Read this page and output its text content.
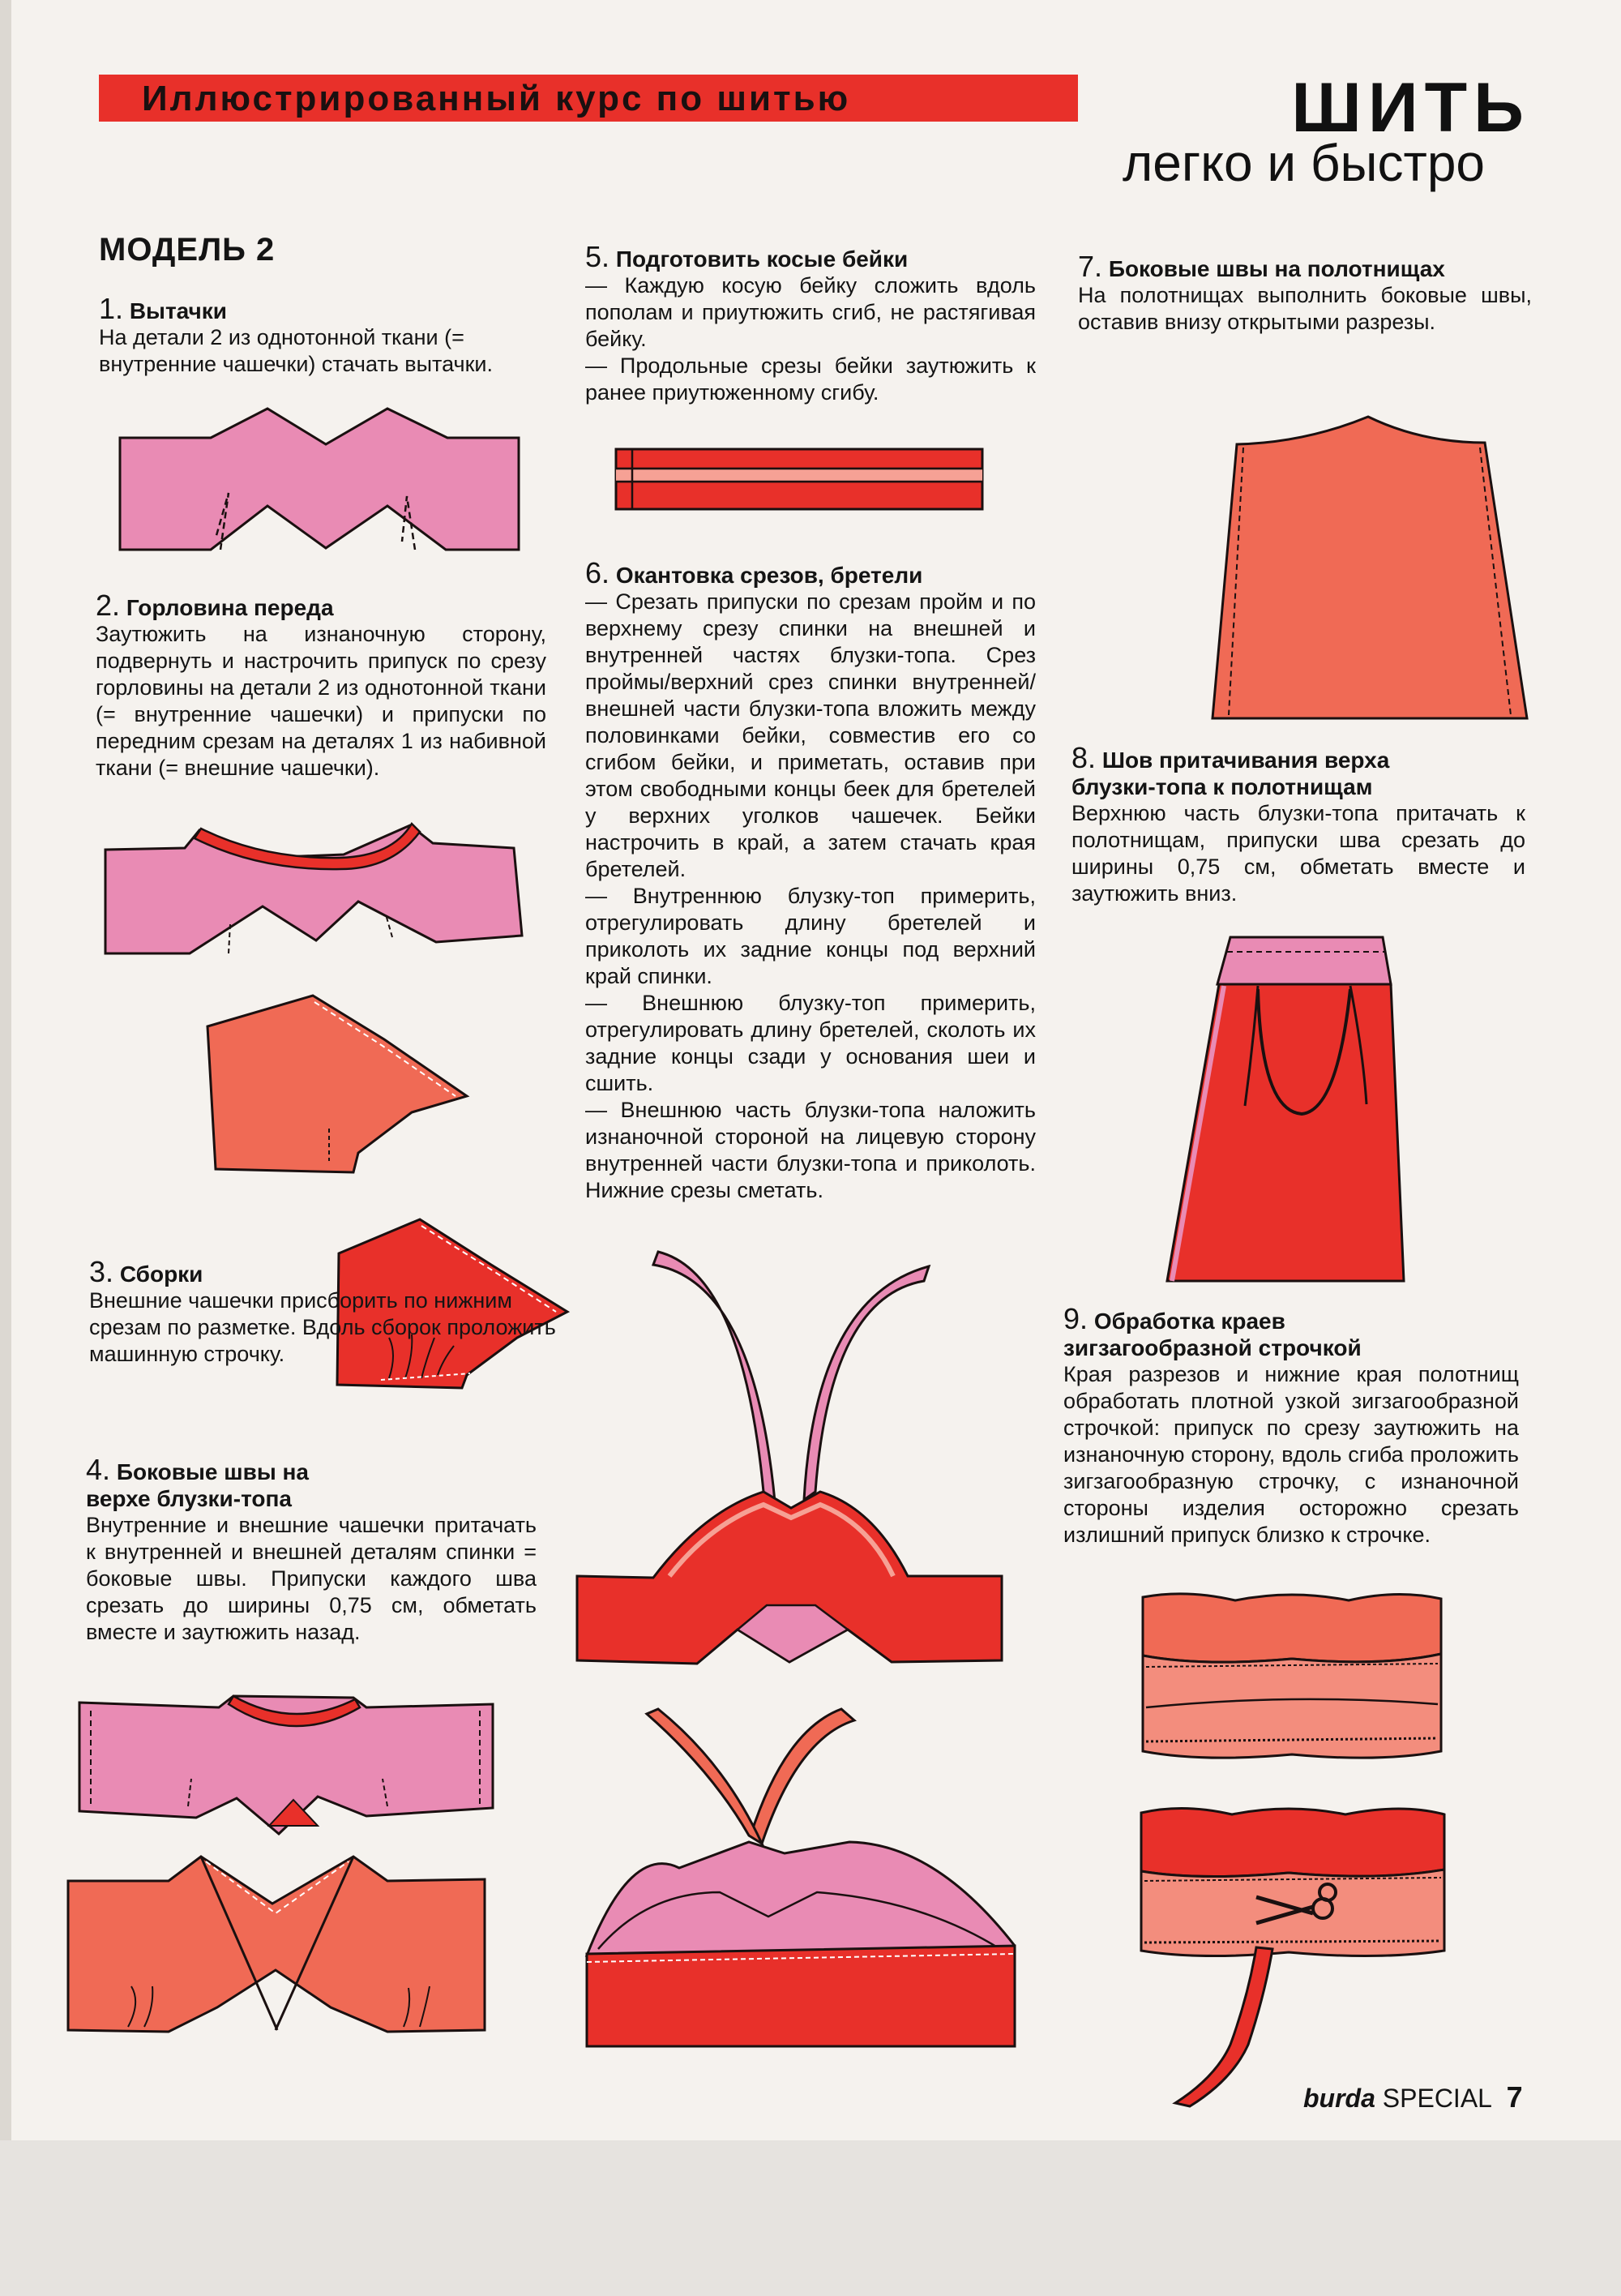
Иллюстрированный курс по шитью	ШИТЬ
легко и быстро
МОДЕЛЬ 2
1. Вытачки

На детали 2 из однотонной ткани (= внутренние чашечки) стачать вытачки.

2. Горловина переда

Заутюжить на изнаночную сторону, подвернуть и настрочить припуск по срезу горловины на детали 2 из однотонной ткани (= внутренние чашечки) и припуски по передним срезам на деталях 1 из набивной ткани (= внешние чашечки).

3. Сборки

Внешние чашечки присборить по нижним срезам по разметке. Вдоль сборок проложить машинную строчку.

4. Боковые швы на верхе блузки-топа

Внутренние и внешние чашечки притачать к внутренней и внешней деталям спинки = боковые швы. Припуски каждого шва срезать до ширины 0,75 см, обметать вместе и заутюжить назад.

5. Подготовить косые бейки

— Каждую косую бейку сложить вдоль пополам и приутюжить сгиб, не растягивая бейку.

— Продольные срезы бейки заутюжить к ранее приутюженному сгибу.

6. Окантовка срезов, бретели

— Срезать припуски по срезам пройм и по верхнему срезу спинки на внешней и внутренней частях блузки-топа. Срез проймы/верхний срез спинки внутренней/внешней части блузки-топа вложить между половинками бейки, совместив его со сгибом бейки, и приметать, оставив при этом свободными концы беек для бретелей у верхних уголков чашечек. Бейки настрочить в край, а затем стачать края бретелей.

— Внутреннюю блузку-топ примерить, отрегулировать длину бретелей и приколоть их задние концы под верхний край спинки.

— Внешнюю блузку-топ примерить, отрегулировать длину бретелей, сколоть их задние концы сзади у основания шеи и сшить.

— Внешнюю часть блузки-топа наложить изнаночной стороной на лицевую сторону внутренней части блузки-топа и приколоть. Нижние срезы сметать.

7. Боковые швы на полотнищах

На полотнищах выполнить боковые швы, оставив внизу открытыми разрезы.

8. Шов притачивания верха блузки-топа к полотнищам

Верхнюю часть блузки-топа притачать к полотнищам, припуски шва срезать до ширины 0,75 см, обметать вместе и заутюжить вниз.

9. Обработка краев зигзагообразной строчкой

Края разрезов и нижние края полотнищ обработать плотной узкой зигзагообразной строчкой: припуск по срезу заутюжить на изнаночную сторону, вдоль сгиба проложить зигзагообразную строчку, с изнаночной стороны изделия осторожно срезать излишний припуск близко к строчке.

burda SPECIAL 7
